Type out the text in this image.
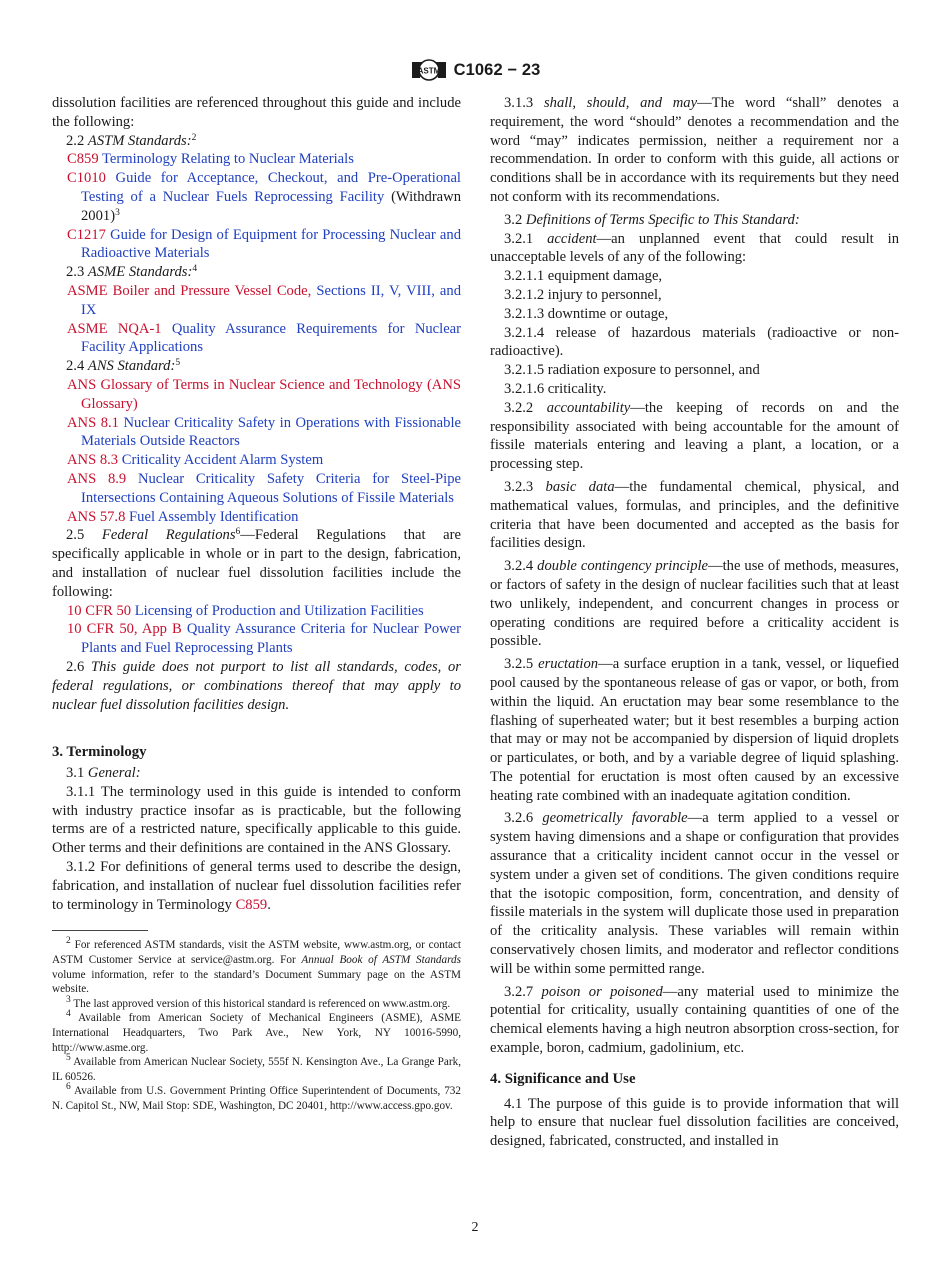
ASTM C1062 − 23

dissolution facilities are referenced throughout this guide and include the following:

2.2 ASTM Standards:$^2$

C859 Terminology Relating to Nuclear Materials

C1010 Guide for Acceptance, Checkout, and Pre-Operational Testing of a Nuclear Fuels Reprocessing Facility (Withdrawn 2001)$^3$

C1217 Guide for Design of Equipment for Processing Nuclear and Radioactive Materials

2.3 ASME Standards:$^4$

ASME Boiler and Pressure Vessel Code, Sections II, V, VIII, and IX

ASME NQA-1 Quality Assurance Requirements for Nuclear Facility Applications

2.4 ANS Standard:$^5$

ANS Glossary of Terms in Nuclear Science and Technology (ANS Glossary)

ANS 8.1 Nuclear Criticality Safety in Operations with Fissionable Materials Outside Reactors

ANS 8.3 Criticality Accident Alarm System

ANS 8.9 Nuclear Criticality Safety Criteria for Steel-Pipe Intersections Containing Aqueous Solutions of Fissile Materials

ANS 57.8 Fuel Assembly Identification

2.5 Federal Regulations$^6$—Federal Regulations that are specifically applicable in whole or in part to the design, fabrication, and installation of nuclear fuel dissolution facilities include the following:

10 CFR 50 Licensing of Production and Utilization Facilities

10 CFR 50, App B Quality Assurance Criteria for Nuclear Power Plants and Fuel Reprocessing Plants

2.6 This guide does not purport to list all standards, codes, or federal regulations, or combinations thereof that may apply to nuclear fuel dissolution facilities design.

3. Terminology

3.1 General:

3.1.1 The terminology used in this guide is intended to conform with industry practice insofar as is practicable, but the following terms are of a restricted nature, specifically applicable to this guide. Other terms and their definitions are contained in the ANS Glossary.

3.1.2 For definitions of general terms used to describe the design, fabrication, and installation of nuclear fuel dissolution facilities refer to terminology in Terminology C859.

$^2$ For referenced ASTM standards, visit the ASTM website, www.astm.org, or contact ASTM Customer Service at service@astm.org. For Annual Book of ASTM Standards volume information, refer to the standard’s Document Summary page on the ASTM website.

$^3$ The last approved version of this historical standard is referenced on www.astm.org.

$^4$ Available from American Society of Mechanical Engineers (ASME), ASME International Headquarters, Two Park Ave., New York, NY 10016-5990, http://www.asme.org.

$^5$ Available from American Nuclear Society, 555f N. Kensington Ave., La Grange Park, IL 60526.

$^6$ Available from U.S. Government Printing Office Superintendent of Documents, 732 N. Capitol St., NW, Mail Stop: SDE, Washington, DC 20401, http://www.access.gpo.gov.

3.1.3 shall, should, and may—The word “shall” denotes a requirement, the word “should” denotes a recommendation and the word “may” indicates permission, neither a requirement nor a recommendation. In order to conform with this guide, all actions or conditions shall be in accordance with its requirements but they need not conform with its recommendations.

3.2 Definitions of Terms Specific to This Standard:

3.2.1 accident—an unplanned event that could result in unacceptable levels of any of the following:

3.2.1.1 equipment damage,

3.2.1.2 injury to personnel,

3.2.1.3 downtime or outage,

3.2.1.4 release of hazardous materials (radioactive or non-radioactive).

3.2.1.5 radiation exposure to personnel, and

3.2.1.6 criticality.

3.2.2 accountability—the keeping of records on and the responsibility associated with being accountable for the amount of fissile materials entering and leaving a plant, a location, or a processing step.

3.2.3 basic data—the fundamental chemical, physical, and mathematical values, formulas, and principles, and the definitive criteria that have been documented and accepted as the basis for facilities design.

3.2.4 double contingency principle—the use of methods, measures, or factors of safety in the design of nuclear facilities such that at least two unlikely, independent, and concurrent changes in process or operating conditions are required before a criticality accident is possible.

3.2.5 eructation—a surface eruption in a tank, vessel, or liquefied pool caused by the spontaneous release of gas or vapor, or both, from within the liquid. An eructation may bear some resemblance to the flashing of superheated water; but it best resembles a burping action that may or may not be accompanied by dispersion of liquid droplets or particulates, or both, and by a variable degree of liquid splashing. The potential for eructation is most often caused by an excessive heating rate combined with an inadequate agitation condition.

3.2.6 geometrically favorable—a term applied to a vessel or system having dimensions and a shape or configuration that provides assurance that a criticality incident cannot occur in the vessel or system under a given set of conditions. The given conditions require that the isotopic composition, form, concentration, and density of fissile materials in the system will duplicate those used in preparation of the criticality analysis. These variables will remain within conservatively chosen limits, and moderator and reflector conditions will be within some permitted range.

3.2.7 poison or poisoned—any material used to minimize the potential for criticality, usually containing quantities of one of the chemical elements having a high neutron absorption cross-section, for example, boron, cadmium, gadolinium, etc.

4. Significance and Use

4.1 The purpose of this guide is to provide information that will help to ensure that nuclear fuel dissolution facilities are conceived, designed, fabricated, constructed, and installed in

2
